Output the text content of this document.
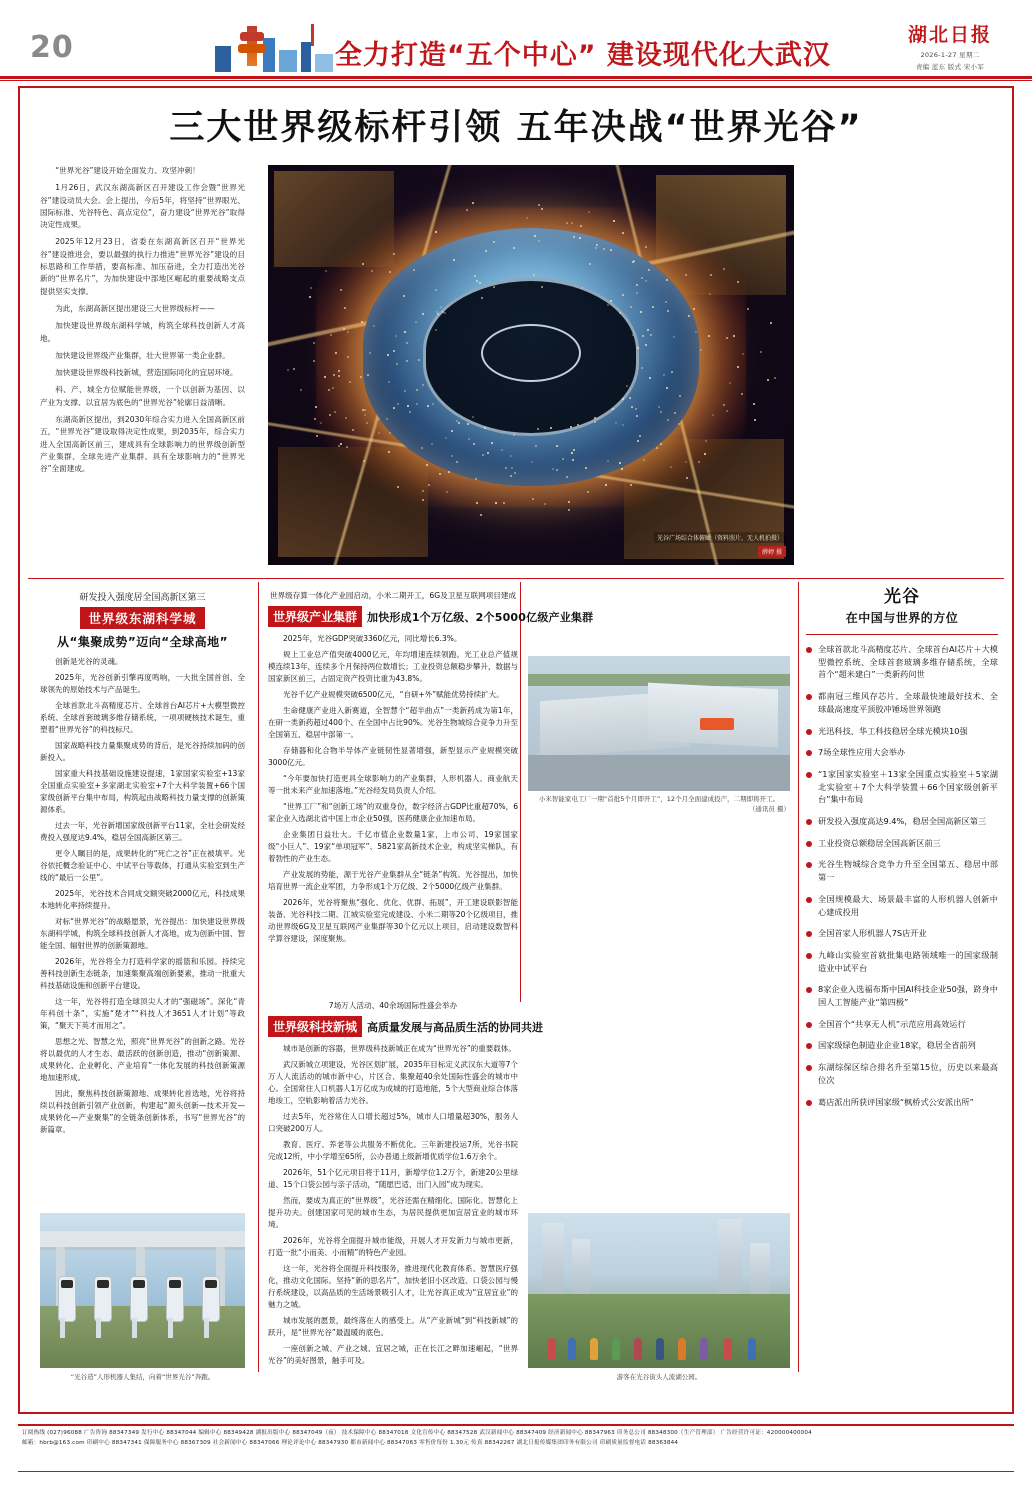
20	全力打造“五个中心” 建设现代化大武汉
湖北日报
2026-1-27 星期二
责编 蓝东 版式 宋小军
三大世界级标杆引领 五年决战“世界光谷”

“世界光谷”建设开始全面发力、攻坚冲刺！

1月26日，武汉东湖高新区召开建设工作会暨“世界光谷”建设动员大会。会上提出，今后5年，将坚持“世界眼光、国际标准、光谷特色、高点定位”，奋力建设“世界光谷”取得决定性成果。

2025年12月23日，省委在东湖高新区召开“世界光谷”建设推进会，要以最强的执行力推进“世界光谷”建设的目标思路和工作举措，要高标准、加压奋进，全力打造出光谷新的“世界名片”，为加快建设中部地区崛起的重要战略支点提供坚实支撑。

为此，东湖高新区提出建设三大世界级标杆——

加快建设世界级东湖科学城，构筑全球科技创新人才高地。

加快建设世界级产业集群，壮大世界第一类企业群。

加快建设世界级科技新城，营造国际同化的宜居环境。

科、产、城全方位赋能世界级，一个以创新为基因、以产业为支撑、以宜居为底色的“世界光谷”轮廓日益清晰。

东湖高新区提出，到2030年综合实力进入全国高新区前五，“世界光谷”建设取得决定性成果，到2035年，综合实力进入全国高新区前三，建成具有全球影响力的世界级创新型产业集群、全球先进产业集群、具有全球影响力的“世界光谷”全面建成。

光谷广场综合体俯瞰（资料照片，无人机拍摄）
薛婷 摄
研发投入强度居全国高新区第三
世界级东湖科学城
从“集聚成势”迈向“全球高地”

创新是光谷的灵魂。

2025年，光谷创新引擎再度鸣响，一大批全国首创、全球领先的原始技术与产品诞生。

全球首款北斗高精度芯片、全球首台AI芯片+大模型微控系统、全球首套玻璃多维存储系统，一项项硬核技术诞生，重塑着“世界光谷”的科技标尺。

国家战略科技力量集聚成势的背后，是光谷持续加码的创新投入。

国家重大科技基础设施建设提速，1家国家实验室+13家全国重点实验室+多家湖北实验室+7个大科学装置+66个国家级创新平台集中布局，构筑起由战略科技力量支撑的创新策源体系。

过去一年，光谷新增国家级创新平台11家，全社会研发经费投入强度达9.4%，稳居全国高新区第三。

更令人瞩目的是，成果转化的“死亡之谷”正在被填平。光谷依托概念验证中心、中试平台等载体，打通从实验室到生产线的“最后一公里”。

2025年，光谷技术合同成交额突破2000亿元，科技成果本地转化率持续提升。

对标“世界光谷”的战略愿景，光谷提出：加快建设世界级东湖科学城，构筑全球科技创新人才高地，成为创新中国、智能全国、辐射世界的创新策源地。

2026年，光谷将全力打造科学家的摇篮和乐园。持续完善科技创新生态链条，加速集聚高端创新要素，推动一批重大科技基础设施和创新平台建设。

这一年，光谷将打造全球顶尖人才的“强磁场”。深化“青年科创十条”，实施“楚才”“科技人才3651人才计划”等政策，“聚天下英才而用之”。

思想之光、智慧之光，照亮“世界光谷”的创新之路。光谷将以最优的人才生态、最活跃的创新创造，推动“创新策源、成果转化、企业孵化、产业培育”一体化发展的科技创新策源地加速形成。

因此，聚焦科技创新策源地、成果转化首选地，光谷将持续以科技创新引领产业创新，构建起“源头创新—技术开发—成果转化—产业聚集”的全链条创新体系，书写“世界光谷”的新篇章。

“光谷造”人形机器人集结，向着“世界光谷”奔跑。
世界级存算一体化产业园启动，小米二期开工，6G及卫星互联网项目建成
世界级产业集群 加快形成1个万亿级、2个5000亿级产业集群

2025年，光谷GDP突破3360亿元，同比增长6.3%。

规上工业总产值突破4000亿元，年均增速连续领跑。光工业总产值规模连续13年，连续多个月保持两位数增长；工业投资总额稳步攀升，数据与国家新区前三，占固定资产投资比重为43.8%。

光谷千亿产业规模突破6500亿元，“自研+外”赋能优势持续扩大。

生命健康产业进入新赛道，全智慧个“超半曲点”一类新药成为第1年，在研一类新药超过400个、在全国中占比90%。光谷生物城综合竞争力升至全国第五、稳居中部第一。

存储器和化合物半导体产业链韧性显著增强，新型显示产业规模突破3000亿元。

“今年要加快打造更具全球影响力的产业集群，人形机器人、商业航天等一批未来产业加速落地。”光谷经发局负责人介绍。

“世界工厂”和“创新工场”的双重身份，数字经济占GDP比重超70%，6家企业入选湖北省中国上市企业50强，医药健康企业加速布局。

企业集团日益壮大。千亿市值企业数量1家，上市公司、19家国家级“小巨人”、19家“单项冠军”、5821家高新技术企业，构成坚实梯队，有着勃性的产业生态。

产业发展的势能，源于光谷产业集群从全“链条”构筑。光谷提出，加快培育世界一流企业军团，力争形成1个万亿级、2个5000亿级产业集群。

2026年，光谷将聚焦“强化、优化、优群、拓展”，开工建设联影智能装备、光谷科技二期、江城实验室完成建设、小米二期等20个亿级项目，推动世界级6G及卫星互联网产业集群等30个亿元以上项目，启动建设数智科学算谷建设，深度聚焦。

小米智能家电工厂一期“首批5个月即开工”，12个月全面建成投产，二期即将开工。
（通讯员 摄）
7场万人活动、40余场国际性盛会举办
世界级科技新城 高质量发展与高品质生活的协同共进

城市是创新的容器，世界级科技新城正在成为“世界光谷”的重要载体。

武汉新城立项建设，光谷区划扩展，2035年目标定义武汉东大道等7个万人人流活动的城市新中心，片区合、集聚超40余处国际性盛会的城市中心。全国常住人口机器人1万亿成为成城的打造地能，5个大型商业综合体落地竣工，空轨影响着活力光谷。

过去5年，光谷常住人口增长超过5%，城市人口增量超30%，服务人口突破200万人。

教育、医疗、养老等公共服务不断优化。三年新建投运7所，光谷书院完成12所，中小学增至65所，公办普通上级新增优质学位1.6万余个。

2026年，51个亿元项目将于11月，新增学位1.2万个，新建20公里绿道、15个口袋公园与亲子活动，“随愿巴适、出门入园”成为现实。

然而，要成为真正的“世界级”，光谷还需在精细化、国际化、智慧化上提升功夫。创建国家可见的城市生态，为居民提供更加宜居宜业的城市环境。

2026年，光谷将全面提升城市能级，开展人才开发新力与城市更新，打造一批“小而美、小而精”的特色产业园。

这一年，光谷将全面提升科技服务，推进现代化教育体系、智慧医疗强化，推动文化国际。坚持“新的思名片”，加快老旧小区改造、口袋公园与慢行系统建设，以高品质的生活场景吸引人才，让光谷真正成为“宜居宜业”的魅力之城。

城市发展的愿景，最终落在人的感受上。从“产业新城”到“科技新城”的跃升，是“世界光谷”最温暖的底色。

一座创新之城、产业之城、宜居之城，正在长江之畔加速崛起，“世界光谷”的美好图景，触手可及。

游客在光谷街头人流湖公园。
光谷
在中国与世界的方位
全球首款北斗高精度芯片、全球首台AI芯片＋大模型微控系统、全球首套玻璃多维存储系统，全球首个“超米建白”一类新药问世
都南冠三维风存芯片、全球最快速最好技术、全球最高速度平顶胶冲锤场世界领跑
光迅科技、华工科技稳居全球光模块10强
7场全球性应用大会举办
“1家国家实验室＋13家全国重点实验室＋5家湖北实验室＋7个大科学装置＋66个国家级创新平台”集中布局
研发投入强度高达9.4%，稳居全国高新区第三
工业投资总额稳居全国高新区前三
光谷生物城综合竞争力升至全国第五、稳居中部第一
全国规模最大、场景最丰富的人形机器人创新中心建成投用
全国首家人形机器人7S店开业
九峰山实验室首就批集电路领域唯一的国家级制造业中试平台
8家企业入选福布斯中国AI科技企业50强，跻身中国人工智能产业“第四极”
全国首个“共享无人机”示范应用高效运行
国家级绿色制造业企业18家，稳居全省前列
东湖综保区综合排名升至第15位，历史以来最高位次
葛店派出所获评国家级“枫桥式公安派出所”
订阅热线 (027)96088 广告咨询 88347349 发行中心 88347044 编辑中心 88349428 湖报出版中心 88347049（夜） 技术保障中心 88347018 文化宣传中心 88347528 武汉新闻中心 88347409 经济新闻中心 88347963 印务总公司 88348300（生产管理部） 广告经营许可证：420000400004
邮箱：hbrb@163.com 印刷中心 88347341 保障服务中心 88367309 社会新闻中心 88347066 理论评论中心 88347930 都市新闻中心 88347063 零售价每份 1.30元 传真 88342267 湖北日报传媒集团印务有限公司 印刷质量监督电话 88363844
